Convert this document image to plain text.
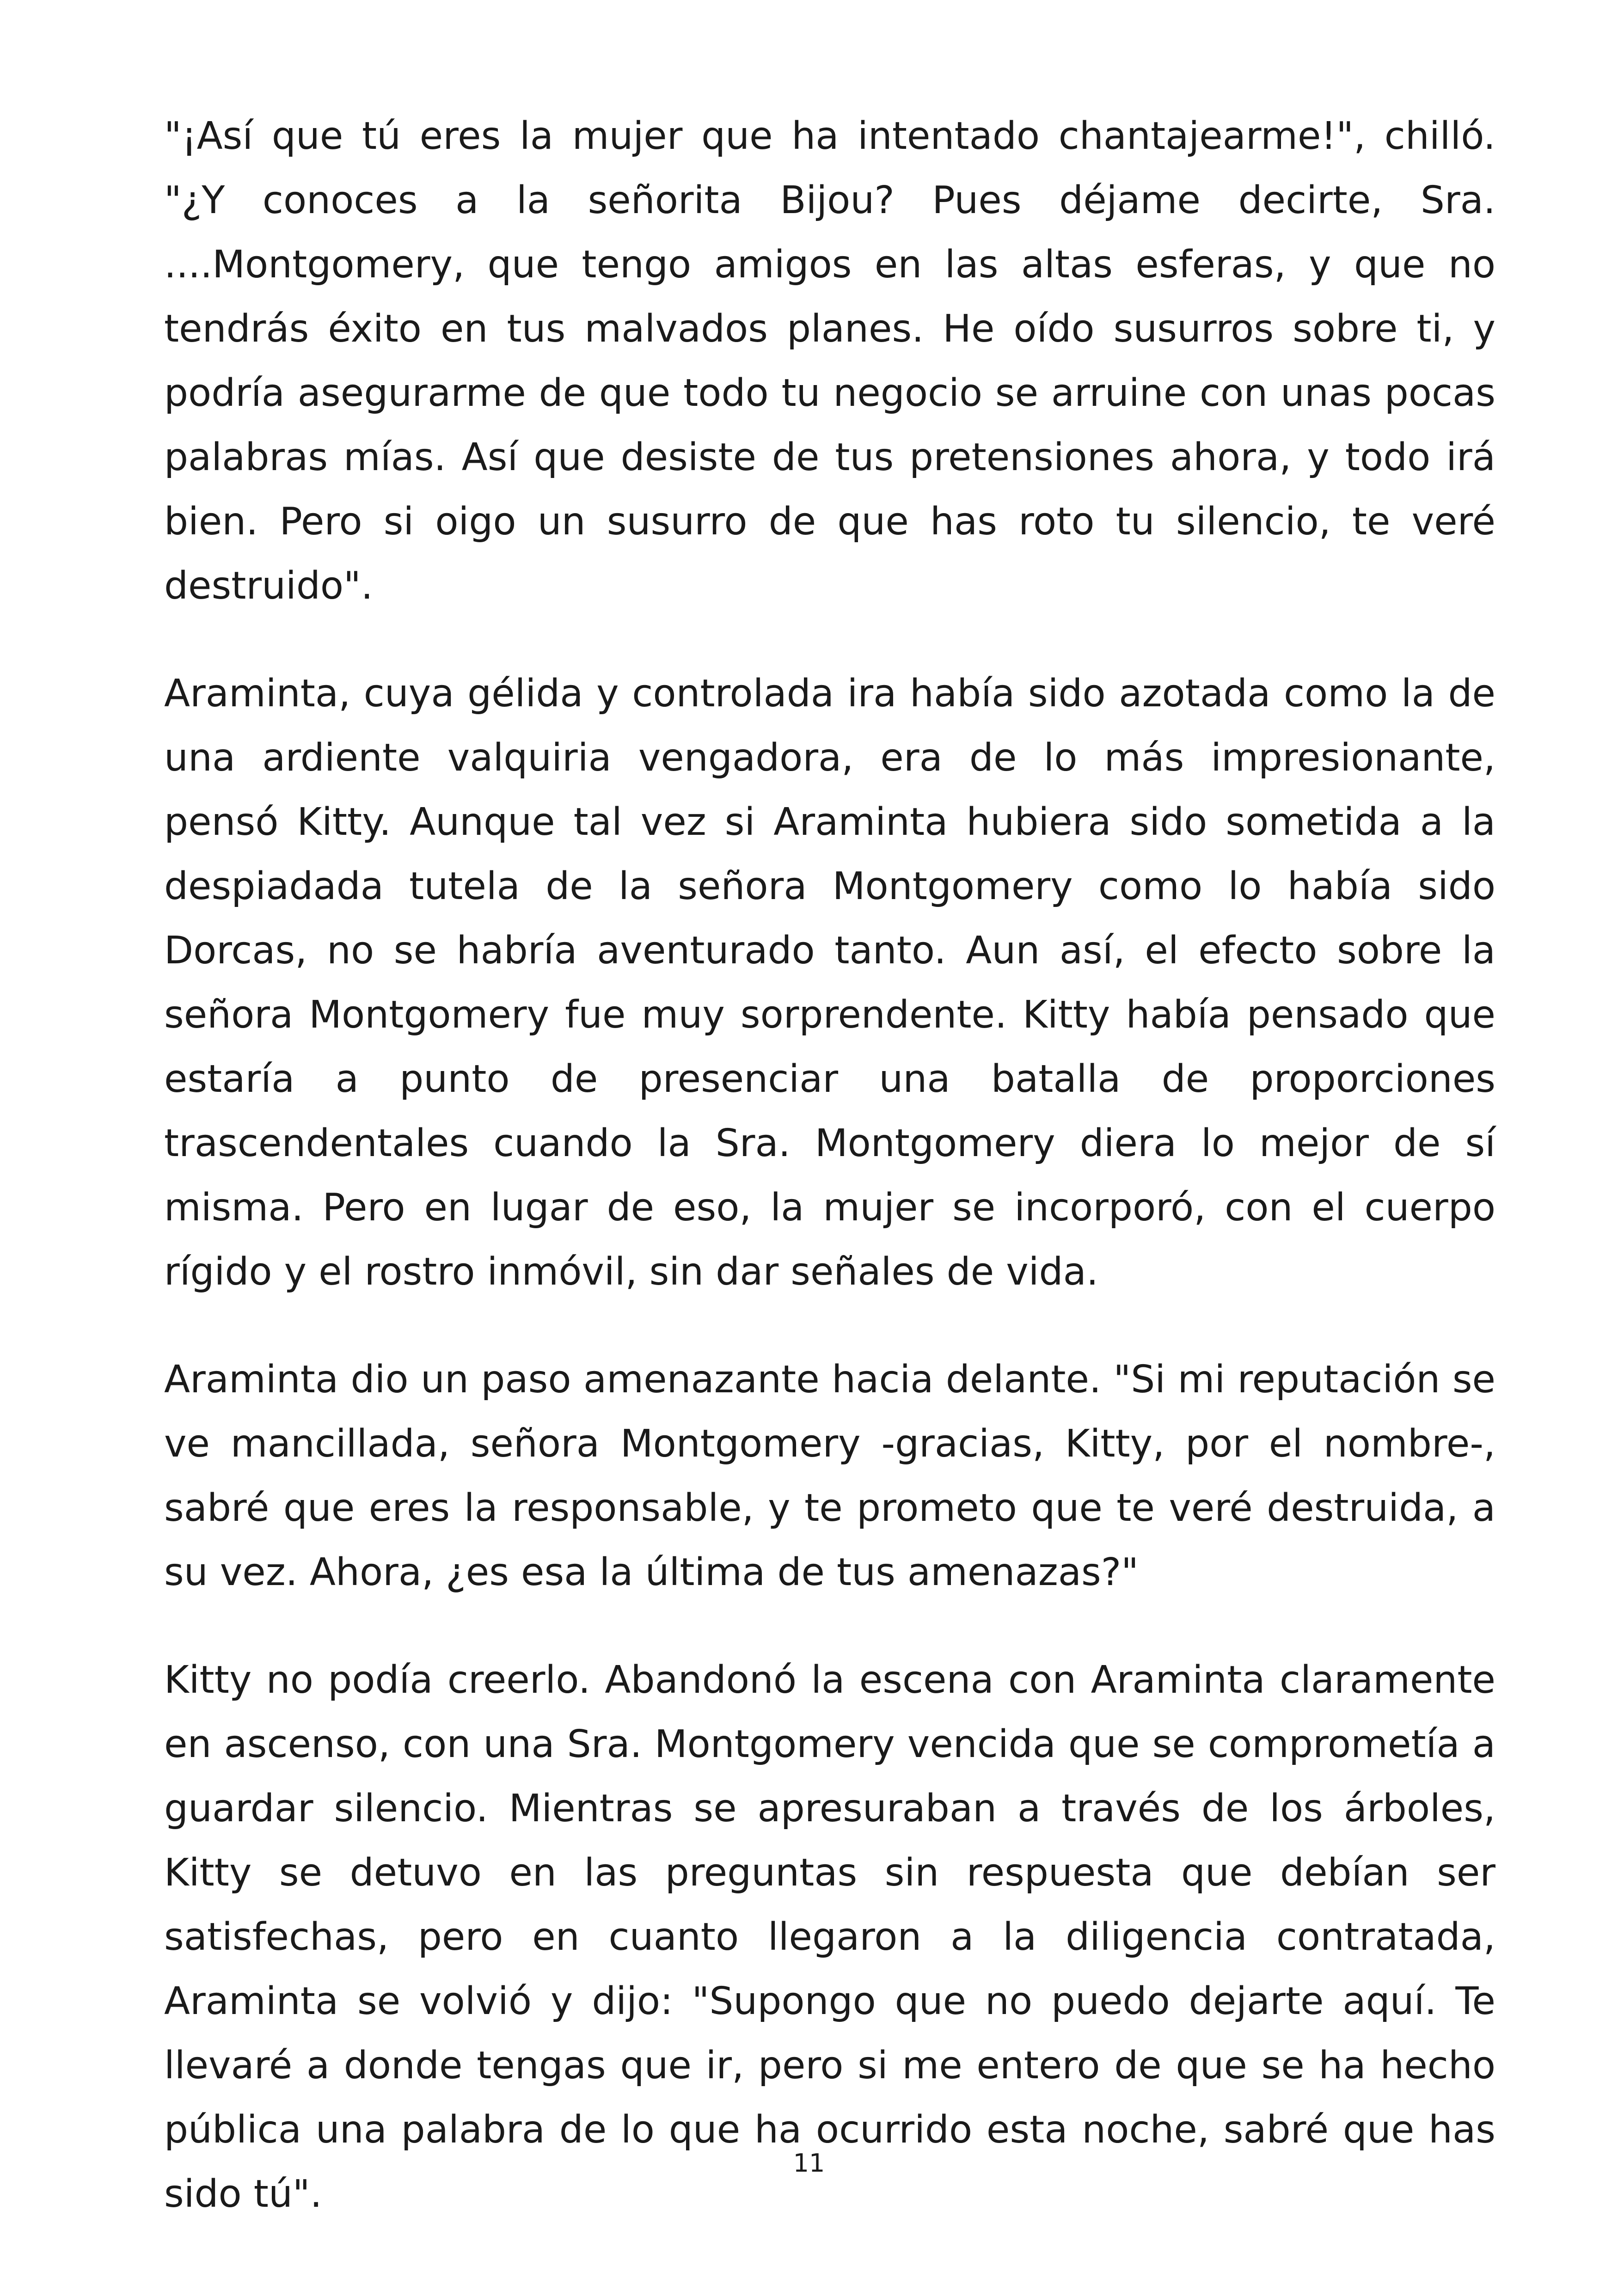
"¡Así que tú eres la mujer que ha intentado chantajearme!", chilló. "¿Y conoces a la señorita Bijou? Pues déjame decirte, Sra. ....Montgomery, que tengo amigos en las altas esferas, y que no tendrás éxito en tus malvados planes. He oído susurros sobre ti, y podría asegurarme de que todo tu negocio se arruine con unas pocas palabras mías. Así que desiste de tus pretensiones ahora, y todo irá bien. Pero si oigo un susurro de que has roto tu silencio, te veré destruido".

Araminta, cuya gélida y controlada ira había sido azotada como la de una ardiente valquiria vengadora, era de lo más impresionante, pensó Kitty. Aunque tal vez si Araminta hubiera sido sometida a la despiadada tutela de la señora Montgomery como lo había sido Dorcas, no se habría aventurado tanto. Aun así, el efecto sobre la señora Montgomery fue muy sorprendente. Kitty había pensado que estaría a punto de presenciar una batalla de proporciones trascendentales cuando la Sra. Montgomery diera lo mejor de sí misma. Pero en lugar de eso, la mujer se incorporó, con el cuerpo rígido y el rostro inmóvil, sin dar señales de vida.

Araminta dio un paso amenazante hacia delante. "Si mi reputación se ve mancillada, señora Montgomery -gracias, Kitty, por el nombre-, sabré que eres la responsable, y te prometo que te veré destruida, a su vez. Ahora, ¿es esa la última de tus amenazas?"

Kitty no podía creerlo. Abandonó la escena con Araminta claramente en ascenso, con una Sra. Montgomery vencida que se comprometía a guardar silencio. Mientras se apresuraban a través de los árboles, Kitty se detuvo en las preguntas sin respuesta que debían ser satisfechas, pero en cuanto llegaron a la diligencia contratada, Araminta se volvió y dijo: "Supongo que no puedo dejarte aquí. Te llevaré a donde tengas que ir, pero si me entero de que se ha hecho pública una palabra de lo que ha ocurrido esta noche, sabré que has sido tú".

11
